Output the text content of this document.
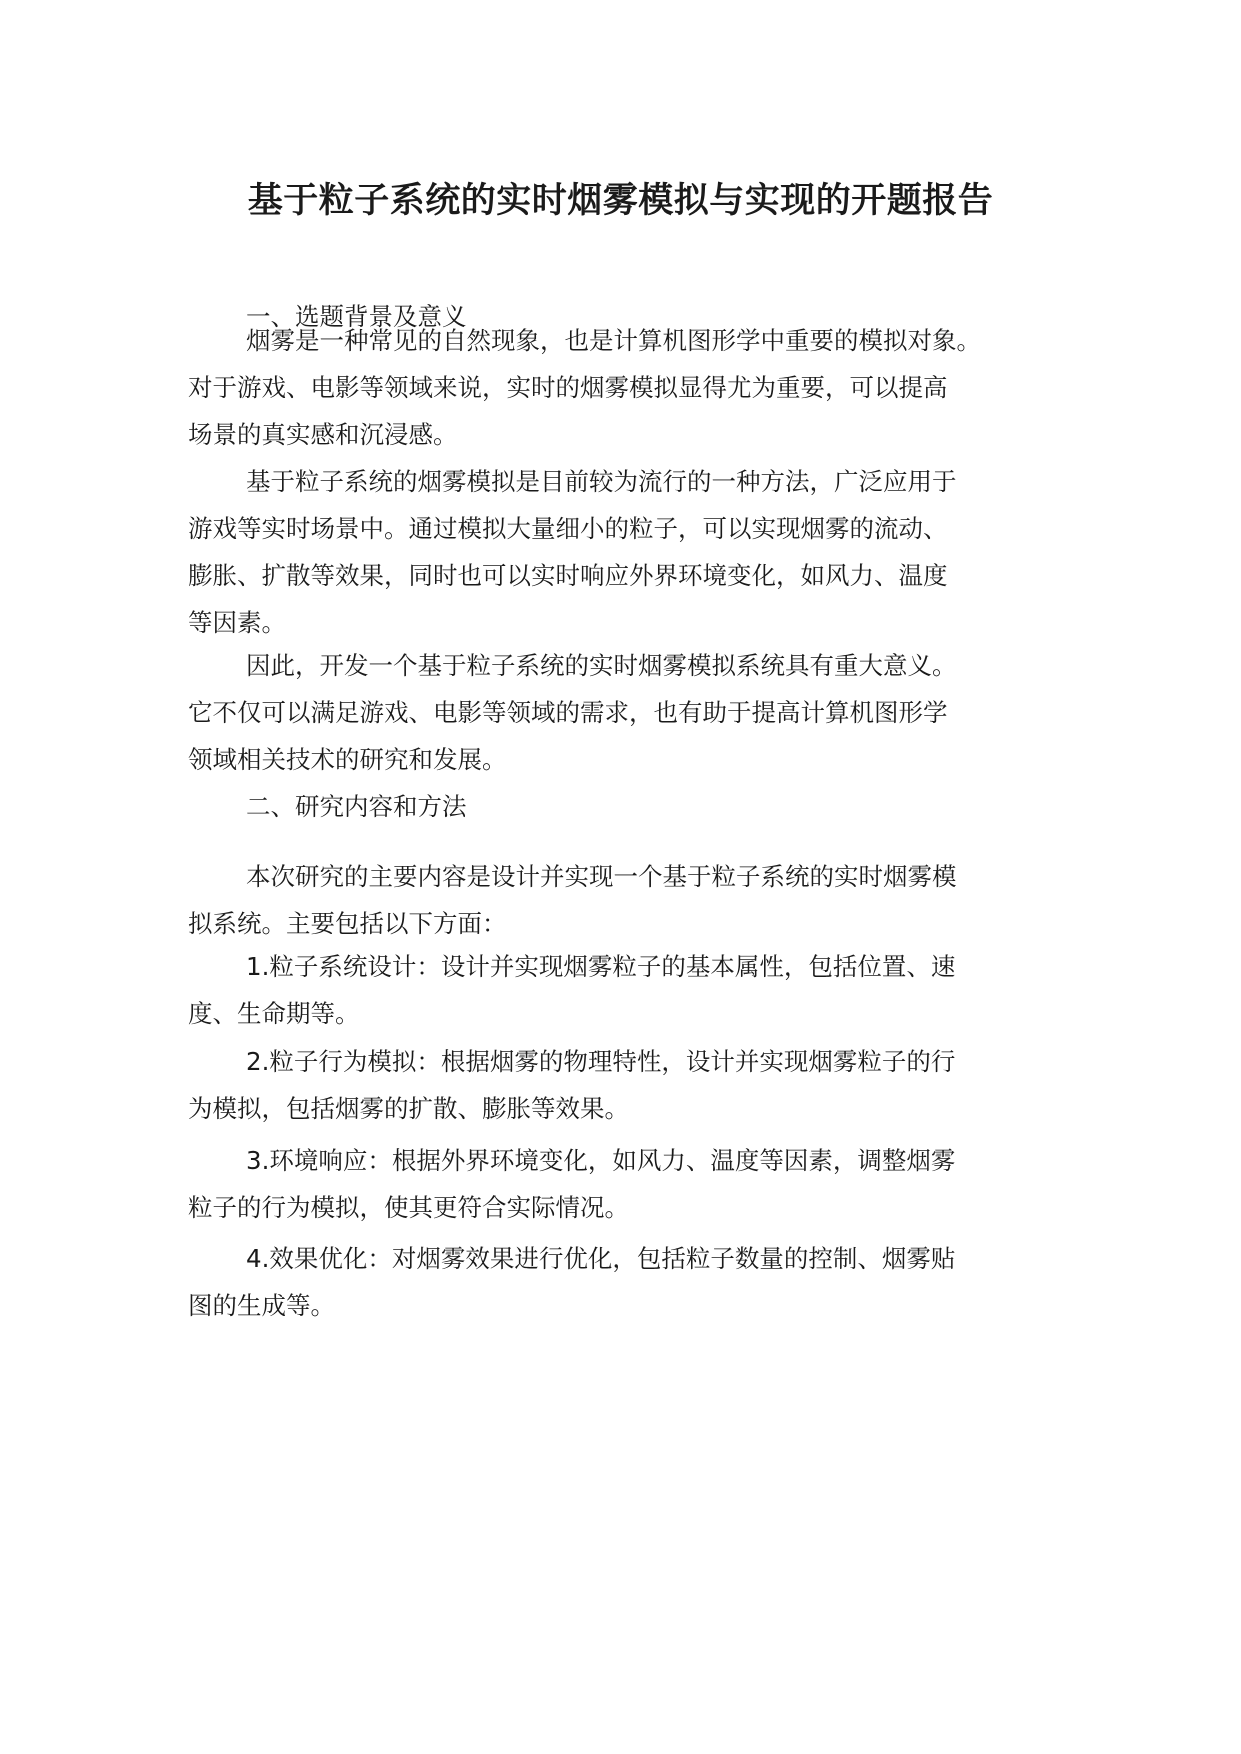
基于粒子系统的实时烟雾模拟与实现的开题报告
一、选题背景及意义

烟雾是一种常见的自然现象，也是计算机图形学中重要的模拟对象。
对于游戏、电影等领域来说，实时的烟雾模拟显得尤为重要，可以提高
场景的真实感和沉浸感。

基于粒子系统的烟雾模拟是目前较为流行的一种方法，广泛应用于
游戏等实时场景中。通过模拟大量细小的粒子，可以实现烟雾的流动、
膨胀、扩散等效果，同时也可以实时响应外界环境变化，如风力、温度
等因素。

因此，开发一个基于粒子系统的实时烟雾模拟系统具有重大意义。
它不仅可以满足游戏、电影等领域的需求，也有助于提高计算机图形学
领域相关技术的研究和发展。

二、研究内容和方法

本次研究的主要内容是设计并实现一个基于粒子系统的实时烟雾模
拟系统。主要包括以下方面：

1.粒子系统设计：设计并实现烟雾粒子的基本属性，包括位置、速
度、生命期等。

2.粒子行为模拟：根据烟雾的物理特性，设计并实现烟雾粒子的行
为模拟，包括烟雾的扩散、膨胀等效果。

3.环境响应：根据外界环境变化，如风力、温度等因素，调整烟雾
粒子的行为模拟，使其更符合实际情况。

4.效果优化：对烟雾效果进行优化，包括粒子数量的控制、烟雾贴
图的生成等。
